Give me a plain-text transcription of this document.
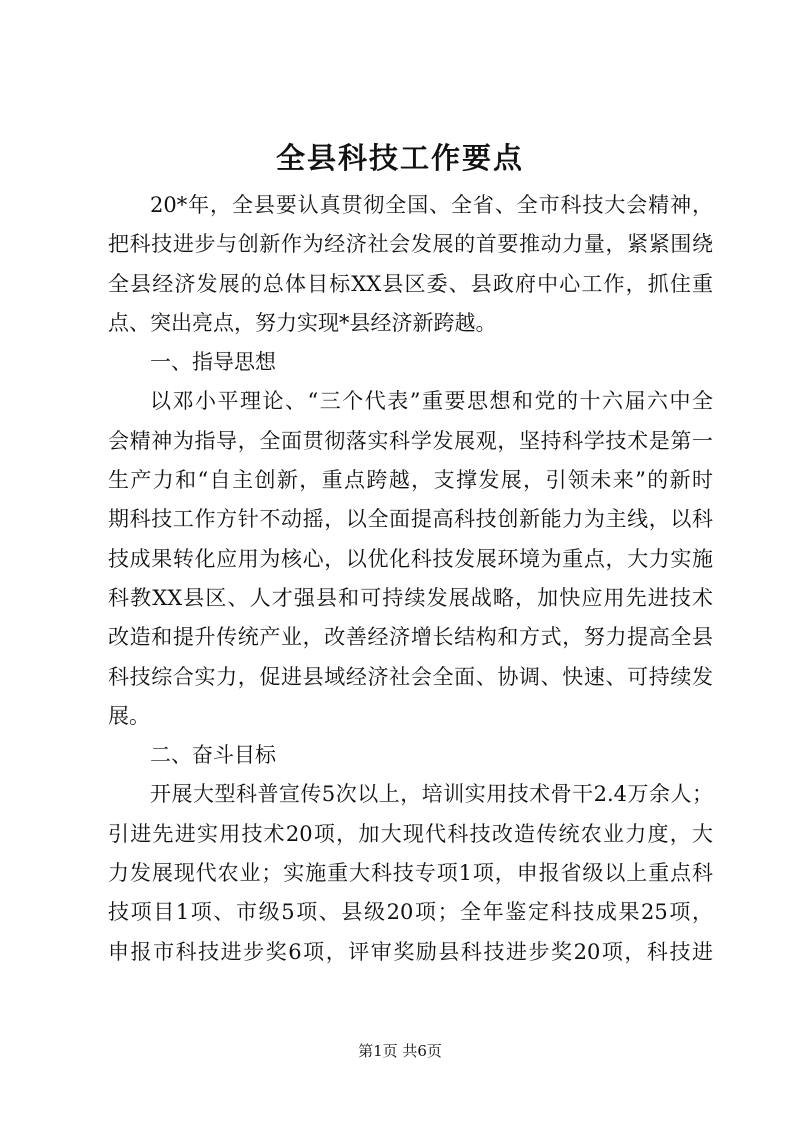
全县科技工作要点
20*年，全县要认真贯彻全国、全省、全市科技大会精神，
把科技进步与创新作为经济社会发展的首要推动力量，紧紧围绕
全县经济发展的总体目标XX县区委、县政府中心工作，抓住重
点、突出亮点，努力实现*县经济新跨越。
一、指导思想
以邓小平理论、“三个代表”重要思想和党的十六届六中全
会精神为指导，全面贯彻落实科学发展观，坚持科学技术是第一
生产力和“自主创新，重点跨越，支撑发展，引领未来”的新时
期科技工作方针不动摇，以全面提高科技创新能力为主线，以科
技成果转化应用为核心，以优化科技发展环境为重点，大力实施
科教XX县区、人才强县和可持续发展战略，加快应用先进技术
改造和提升传统产业，改善经济增长结构和方式，努力提高全县
科技综合实力，促进县域经济社会全面、协调、快速、可持续发
展。
二、奋斗目标
开展大型科普宣传5次以上，培训实用技术骨干2.4万余人；
引进先进实用技术20项，加大现代科技改造传统农业力度，大
力发展现代农业；实施重大科技专项1项，申报省级以上重点科
技项目1项、市级5项、县级20项；全年鉴定科技成果25项，
申报市科技进步奖6项，评审奖励县科技进步奖20项，科技进
第1页 共6页
